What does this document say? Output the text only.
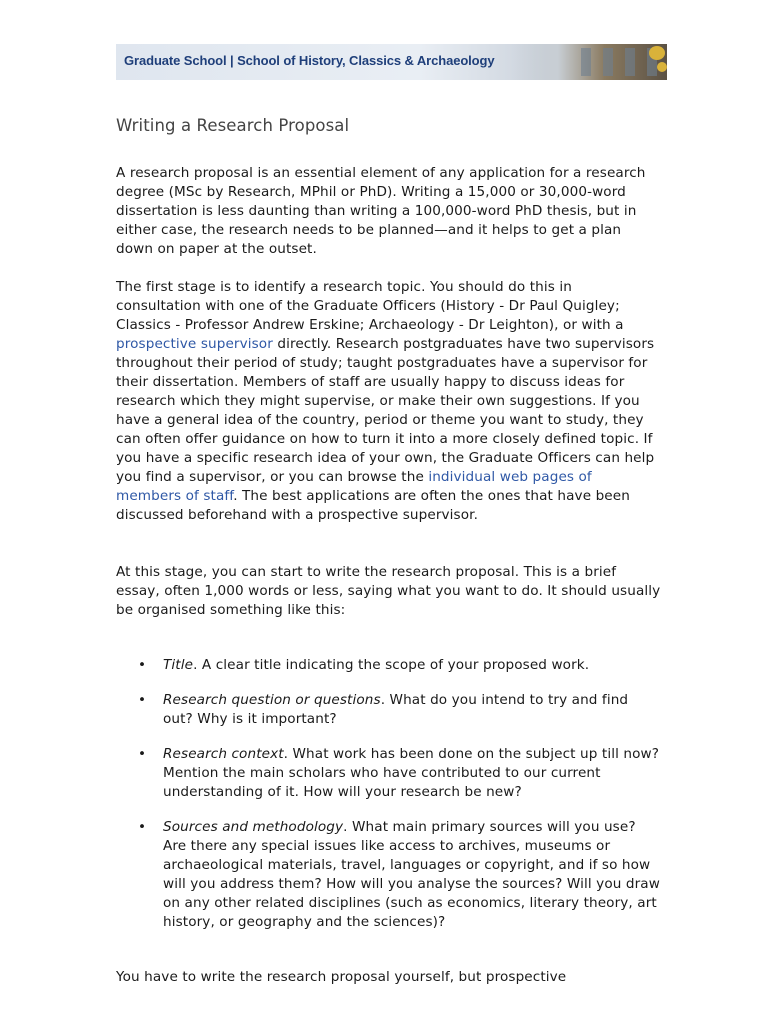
Graduate School | School of History, Classics & Archaeology
Writing a Research Proposal

A research proposal is an essential element of any application for a research degree (MSc by Research, MPhil or PhD). Writing a 15,000 or 30,000-word dissertation is less daunting than writing a 100,000-word PhD thesis, but in either case, the research needs to be planned—and it helps to get a plan down on paper at the outset.

The first stage is to identify a research topic. You should do this in consultation with one of the Graduate Officers (History - Dr Paul Quigley; Classics - Professor Andrew Erskine; Archaeology - Dr Leighton), or with a prospective supervisor directly. Research postgraduates have two supervisors throughout their period of study; taught postgraduates have a supervisor for their dissertation. Members of staff are usually happy to discuss ideas for research which they might supervise, or make their own suggestions. If you have a general idea of the country, period or theme you want to study, they can often offer guidance on how to turn it into a more closely defined topic. If you have a specific research idea of your own, the Graduate Officers can help you find a supervisor, or you can browse the individual web pages of members of staff. The best applications are often the ones that have been discussed beforehand with a prospective supervisor.

At this stage, you can start to write the research proposal. This is a brief essay, often 1,000 words or less, saying what you want to do. It should usually be organised something like this:

• Title. A clear title indicating the scope of your proposed work.
• Research question or questions. What do you intend to try and find out? Why is it important?
• Research context. What work has been done on the subject up till now? Mention the main scholars who have contributed to our current understanding of it. How will your research be new?
• Sources and methodology. What main primary sources will you use? Are there any special issues like access to archives, museums or archaeological materials, travel, languages or copyright, and if so how will you address them? How will you analyse the sources? Will you draw on any other related disciplines (such as economics, literary theory, art history, or geography and the sciences)?

You have to write the research proposal yourself, but prospective
